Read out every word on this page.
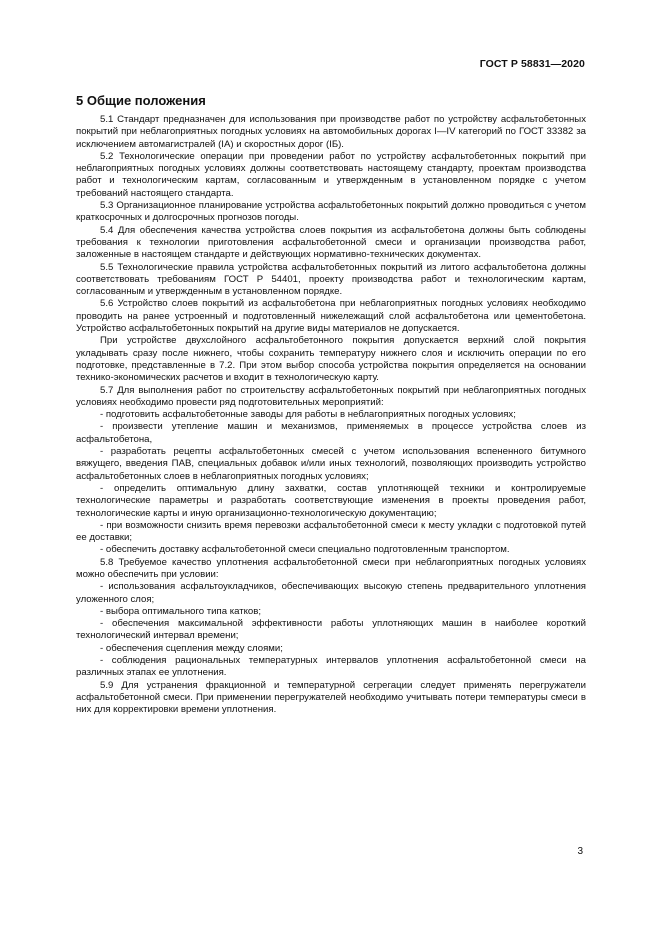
ГОСТ Р 58831—2020
5 Общие положения

5.1 Стандарт предназначен для использования при производстве работ по устройству асфальтобетонных покрытий при неблагоприятных погодных условиях на автомобильных дорогах I—IV категорий по ГОСТ 33382 за исключением автомагистралей (IA) и скоростных дорог (IБ).

5.2 Технологические операции при проведении работ по устройству асфальтобетонных покрытий при неблагоприятных погодных условиях должны соответствовать настоящему стандарту, проектам производства работ и технологическим картам, согласованным и утвержденным в установленном порядке с учетом требований настоящего стандарта.

5.3 Организационное планирование устройства асфальтобетонных покрытий должно проводиться с учетом краткосрочных и долгосрочных прогнозов погоды.

5.4 Для обеспечения качества устройства слоев покрытия из асфальтобетона должны быть соблюдены требования к технологии приготовления асфальтобетонной смеси и организации производства работ, заложенные в настоящем стандарте и действующих нормативно-технических документах.

5.5 Технологические правила устройства асфальтобетонных покрытий из литого асфальтобетона должны соответствовать требованиям ГОСТ Р 54401, проекту производства работ и технологическим картам, согласованным и утвержденным в установленном порядке.

5.6 Устройство слоев покрытий из асфальтобетона при неблагоприятных погодных условиях необходимо проводить на ранее устроенный и подготовленный нижележащий слой асфальтобетона или цементобетона. Устройство асфальтобетонных покрытий на другие виды материалов не допускается.

При устройстве двухслойного асфальтобетонного покрытия допускается верхний слой покрытия укладывать сразу после нижнего, чтобы сохранить температуру нижнего слоя и исключить операции по его подготовке, представленные в 7.2. При этом выбор способа устройства покрытия определяется на основании технико-экономических расчетов и входит в технологическую карту.

5.7 Для выполнения работ по строительству асфальтобетонных покрытий при неблагоприятных погодных условиях необходимо провести ряд подготовительных мероприятий:

- подготовить асфальтобетонные заводы для работы в неблагоприятных погодных условиях;

- произвести утепление машин и механизмов, применяемых в процессе устройства слоев из асфальтобетона,

- разработать рецепты асфальтобетонных смесей с учетом использования вспененного битумного вяжущего, введения ПАВ, специальных добавок и/или иных технологий, позволяющих производить устройство асфальтобетонных слоев в неблагоприятных погодных условиях;

- определить оптимальную длину захватки, состав уплотняющей техники и контролируемые технологические параметры и разработать соответствующие изменения в проекты проведения работ, технологические карты и иную организационно-технологическую документацию;

- при возможности снизить время перевозки асфальтобетонной смеси к месту укладки с подготовкой путей ее доставки;

- обеспечить доставку асфальтобетонной смеси специально подготовленным транспортом.

5.8 Требуемое качество уплотнения асфальтобетонной смеси при неблагоприятных погодных условиях можно обеспечить при условии:

- использования асфальтоукладчиков, обеспечивающих высокую степень предварительного уплотнения уложенного слоя;

- выбора оптимального типа катков;

- обеспечения максимальной эффективности работы уплотняющих машин в наиболее короткий технологический интервал времени;

- обеспечения сцепления между слоями;

- соблюдения рациональных температурных интервалов уплотнения асфальтобетонной смеси на различных этапах ее уплотнения.

5.9 Для устранения фракционной и температурной сегрегации следует применять перегружатели асфальтобетонной смеси. При применении перегружателей необходимо учитывать потери температуры смеси в них для корректировки времени уплотнения.

3
